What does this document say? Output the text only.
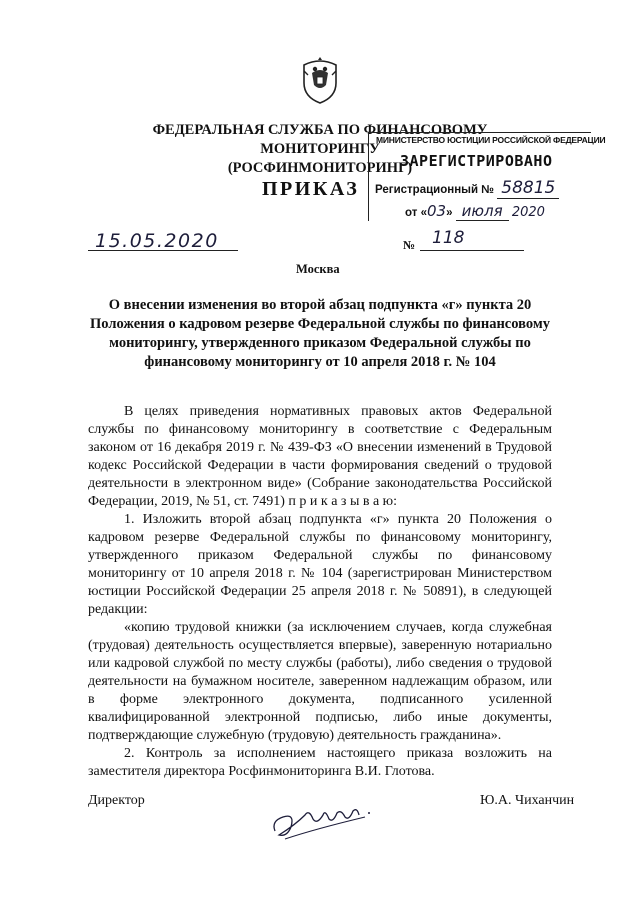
ФЕДЕРАЛЬНАЯ СЛУЖБА ПО ФИНАНСОВОМУ МОНИТОРИНГУ
(РОСФИНМОНИТОРИНГ)
МИНИСТЕРСТВО ЮСТИЦИИ РОССИЙСКОЙ ФЕДЕРАЦИИ
ЗАРЕГИСТРИРОВАНО
Регистрационный № 58815
от «03» июля 2020
ПРИКАЗ
15.05.2020	№ 118
Москва
О внесении изменения во второй абзац подпункта «г» пункта 20 Положения о кадровом резерве Федеральной службы по финансовому мониторингу, утвержденного приказом Федеральной службы по финансовому мониторингу от 10 апреля 2018 г. № 104

В целях приведения нормативных правовых актов Федеральной службы по финансовому мониторингу в соответствие с Федеральным законом от 16 декабря 2019 г. № 439-ФЗ «О внесении изменений в Трудовой кодекс Российской Федерации в части формирования сведений о трудовой деятельности в электронном виде» (Собрание законодательства Российской Федерации, 2019, № 51, ст. 7491) п р и к а з ы в а ю:

1. Изложить второй абзац подпункта «г» пункта 20 Положения о кадровом резерве Федеральной службы по финансовому мониторингу, утвержденного приказом Федеральной службы по финансовому мониторингу от 10 апреля 2018 г. № 104 (зарегистрирован Министерством юстиции Российской Федерации 25 апреля 2018 г. № 50891), в следующей редакции:

«копию трудовой книжки (за исключением случаев, когда служебная (трудовая) деятельность осуществляется впервые), заверенную нотариально или кадровой службой по месту службы (работы), либо сведения о трудовой деятельности на бумажном носителе, заверенном надлежащим образом, или в форме электронного документа, подписанного усиленной квалифицированной электронной подписью, либо иные документы, подтверждающие служебную (трудовую) деятельность гражданина».

2. Контроль за исполнением настоящего приказа возложить на заместителя директора Росфинмониторинга В.И. Глотова.

Директор	Ю.А. Чиханчин
